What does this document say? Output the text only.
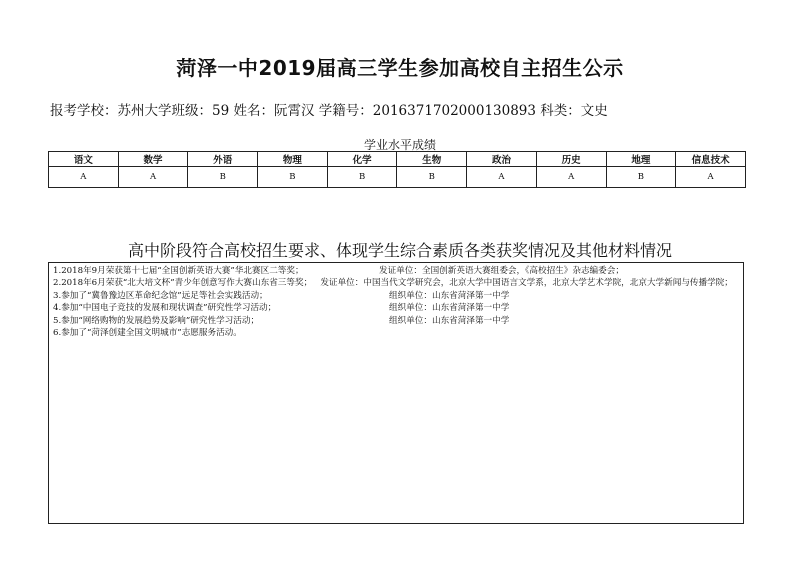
菏泽一中2019届高三学生参加高校自主招生公示
报考学校：苏州大学班级：59 姓名：阮霄汉 学籍号：2016371702000130893 科类：文史
学业水平成绩
语文	数学	外语	物理	化学	生物	政治	历史	地理	信息技术
A	A	B	B	B	B	A	A	B	A
高中阶段符合高校招生要求、体现学生综合素质各类获奖情况及其他材料情况
1.2018年9月荣获第十七届“全国创新英语大赛”华北赛区二等奖；	发证单位：全国创新英语大赛组委会，《高校招生》杂志编委会；
2.2018年6月荣获“北大培文杯”青少年创意写作大赛山东省三等奖； 发证单位：中国当代文学研究会，北京大学中国语言文学系，北京大学艺术学院，北京大学新闻与传播学院；
3.参加了“冀鲁豫边区革命纪念馆”远足等社会实践活动；	组织单位：山东省菏泽第一中学
4.参加“中国电子竞技的发展和现状调查”研究性学习活动；	组织单位：山东省菏泽第一中学
5.参加“网络购物的发展趋势及影响”研究性学习活动；	组织单位：山东省菏泽第一中学
6.参加了“菏泽创建全国文明城市”志愿服务活动。
